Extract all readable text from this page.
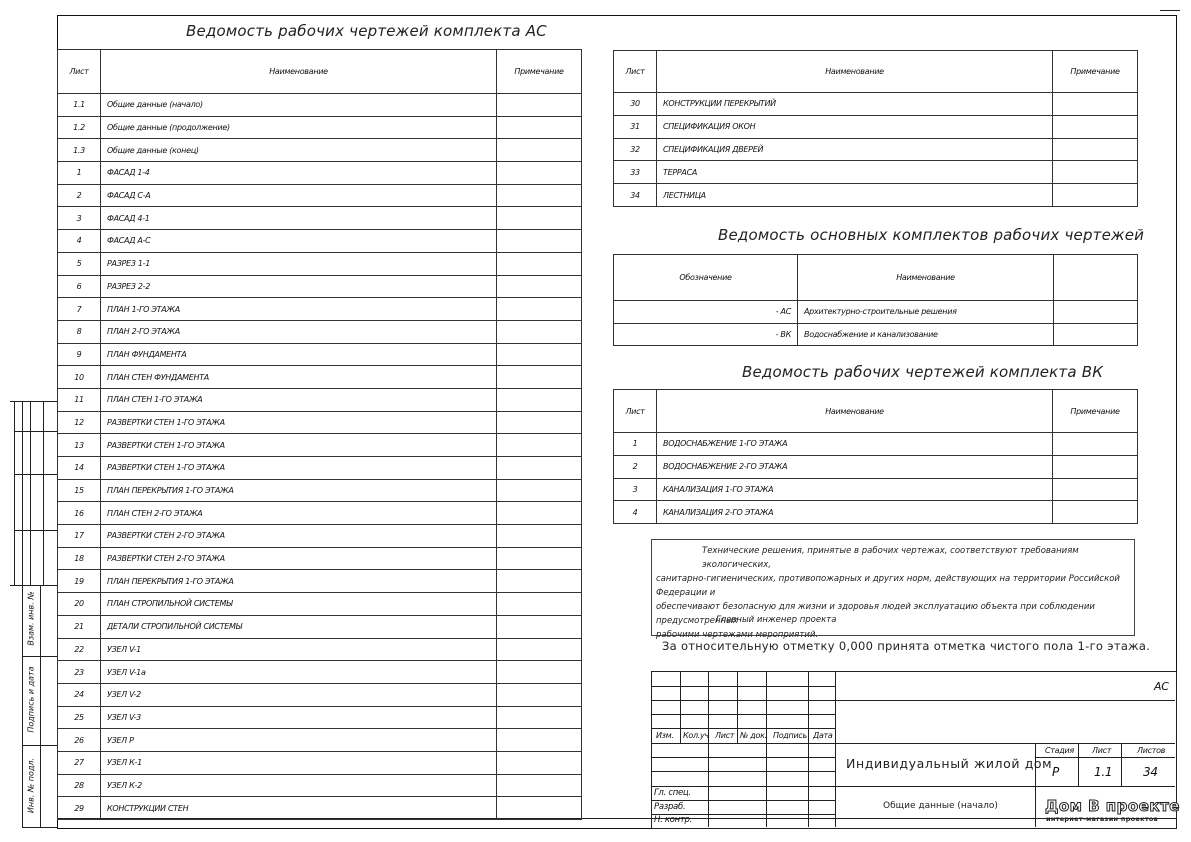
Взам. инв. №
Подпись и дата
Инв. № подл.
Ведомость рабочих чертежей комплекта АС
Лист	Наименование	Примечание
1.1	Общие данные (начало)	
1.2	Общие данные (продолжение)	
1.3	Общие данные (конец)	
1	ФАСАД 1-4	
2	ФАСАД С-А	
3	ФАСАД 4-1	
4	ФАСАД А-С	
5	РАЗРЕЗ 1-1	
6	РАЗРЕЗ 2-2	
7	ПЛАН 1-ГО ЭТАЖА	
8	ПЛАН 2-ГО ЭТАЖА	
9	ПЛАН ФУНДАМЕНТА	
10	ПЛАН СТЕН ФУНДАМЕНТА	
11	ПЛАН СТЕН 1-ГО ЭТАЖА	
12	РАЗВЕРТКИ СТЕН 1-ГО ЭТАЖА	
13	РАЗВЕРТКИ СТЕН 1-ГО ЭТАЖА	
14	РАЗВЕРТКИ СТЕН 1-ГО ЭТАЖА	
15	ПЛАН ПЕРЕКРЫТИЯ 1-ГО ЭТАЖА	
16	ПЛАН СТЕН 2-ГО ЭТАЖА	
17	РАЗВЕРТКИ СТЕН 2-ГО ЭТАЖА	
18	РАЗВЕРТКИ СТЕН 2-ГО ЭТАЖА	
19	ПЛАН ПЕРЕКРЫТИЯ 1-ГО ЭТАЖА	
20	ПЛАН СТРОПИЛЬНОЙ СИСТЕМЫ	
21	ДЕТАЛИ СТРОПИЛЬНОЙ СИСТЕМЫ	
22	УЗЕЛ V-1	
23	УЗЕЛ V-1а	
24	УЗЕЛ V-2	
25	УЗЕЛ V-3	
26	УЗЕЛ Р	
27	УЗЕЛ К-1	
28	УЗЕЛ К-2	
29	КОНСТРУКЦИИ СТЕН	
Лист	Наименование	Примечание
30	КОНСТРУКЦИИ ПЕРЕКРЫТИЙ	
31	СПЕЦИФИКАЦИЯ ОКОН	
32	СПЕЦИФИКАЦИЯ ДВЕРЕЙ	
33	ТЕРРАСА	
34	ЛЕСТНИЦА	
Ведомость основных комплектов рабочих чертежей
Обозначение	Наименование	
- АС	Архитектурно-строительные решения	
- ВК	Водоснабжение и канализование	
Ведомость рабочих чертежей комплекта ВК
Лист	Наименование	Примечание
1	ВОДОСНАБЖЕНИЕ 1-ГО ЭТАЖА	
2	ВОДОСНАБЖЕНИЕ 2-ГО ЭТАЖА	
3	КАНАЛИЗАЦИЯ 1-ГО ЭТАЖА	
4	КАНАЛИЗАЦИЯ 2-ГО ЭТАЖА	
Технические решения, принятые в рабочих чертежах, соответствуют требованиям экологических,
санитарно-гигиенических, противопожарных и других норм, действующих на территории Российской Федерации и
обеспечивают безопасную для жизни и здоровья людей эксплуатацию объекта при соблюдении предусмотренных
рабочими чертежами мероприятий.
Главный инженер проекта
За относительную отметку 0,000 принята отметка чистого пола 1-го этажа.
АС
Изм. Кол.уч Лист № док. Подпись Дата
Гл. спец.
Разраб.
Н. контр.
Индивидуальный жилой дом
Общие данные (начало)
Стадия Лист	Листов
Р	1.1	34
Дом В проекте
интернет-магазин проектов
